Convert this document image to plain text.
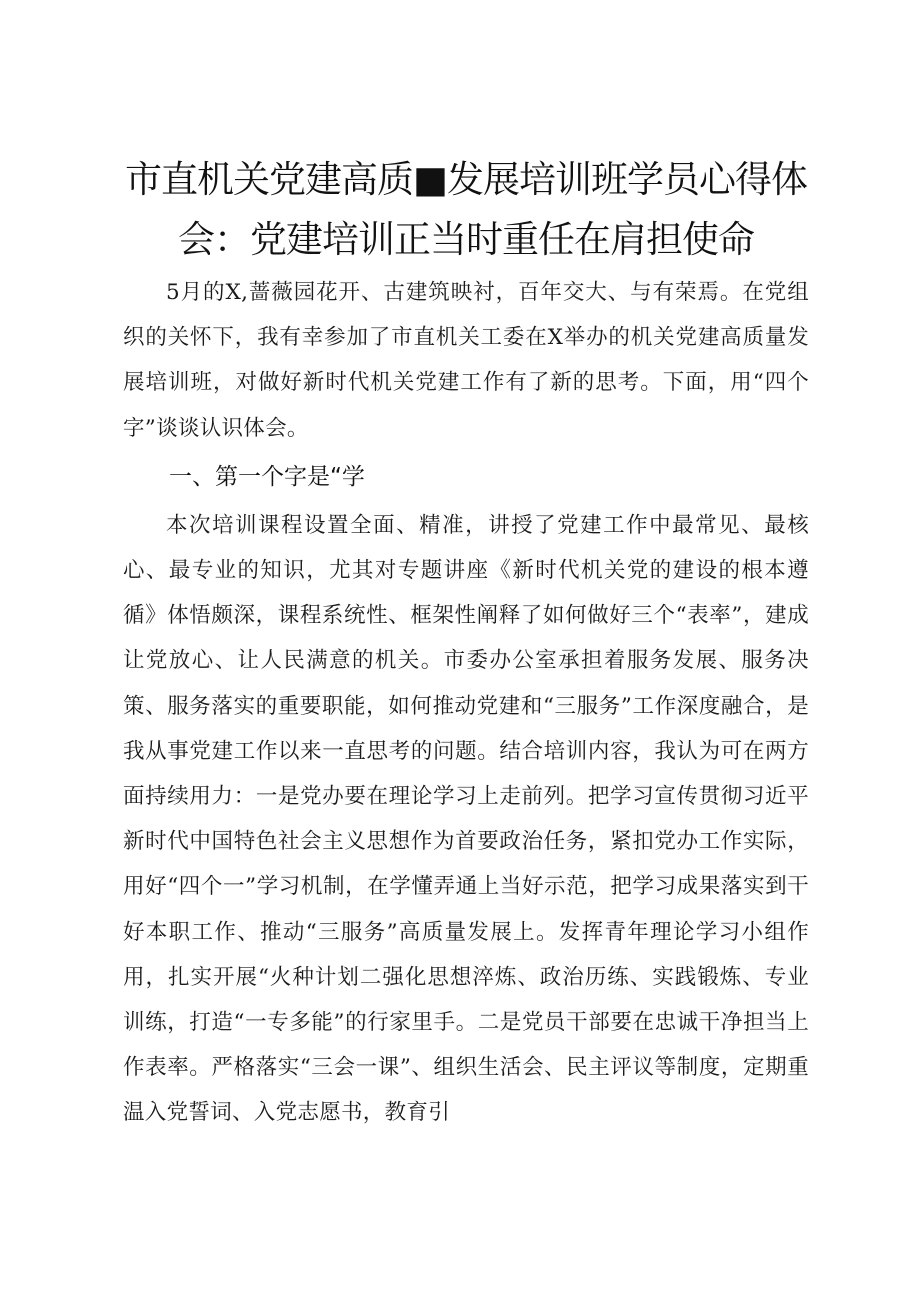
市直机关党建高质■发展培训班学员心得体
会：党建培训正当时重任在肩担使命

5月的X,蔷薇园花开、古建筑映衬，百年交大、与有荣焉。在党组织的关怀下，我有幸参加了市直机关工委在X举办的机关党建高质量发展培训班，对做好新时代机关党建工作有了新的思考。下面，用“四个字”谈谈认识体会。

一、第一个字是“学

本次培训课程设置全面、精准，讲授了党建工作中最常见、最核心、最专业的知识，尤其对专题讲座《新时代机关党的建设的根本遵循》体悟颇深，课程系统性、框架性阐释了如何做好三个“表率”，建成让党放心、让人民满意的机关。市委办公室承担着服务发展、服务决策、服务落实的重要职能，如何推动党建和“三服务”工作深度融合，是我从事党建工作以来一直思考的问题。结合培训内容，我认为可在两方面持续用力：一是党办要在理论学习上走前列。把学习宣传贯彻习近平新时代中国特色社会主义思想作为首要政治任务，紧扣党办工作实际，用好“四个一”学习机制，在学懂弄通上当好示范，把学习成果落实到干好本职工作、推动“三服务”高质量发展上。发挥青年理论学习小组作用，扎实开展“火种计划二强化思想淬炼、政治历练、实践锻炼、专业训练，打造“一专多能”的行家里手。二是党员干部要在忠诚干净担当上作表率。严格落实“三会一课”、组织生活会、民主评议等制度，定期重温入党誓词、入党志愿书，教育引
